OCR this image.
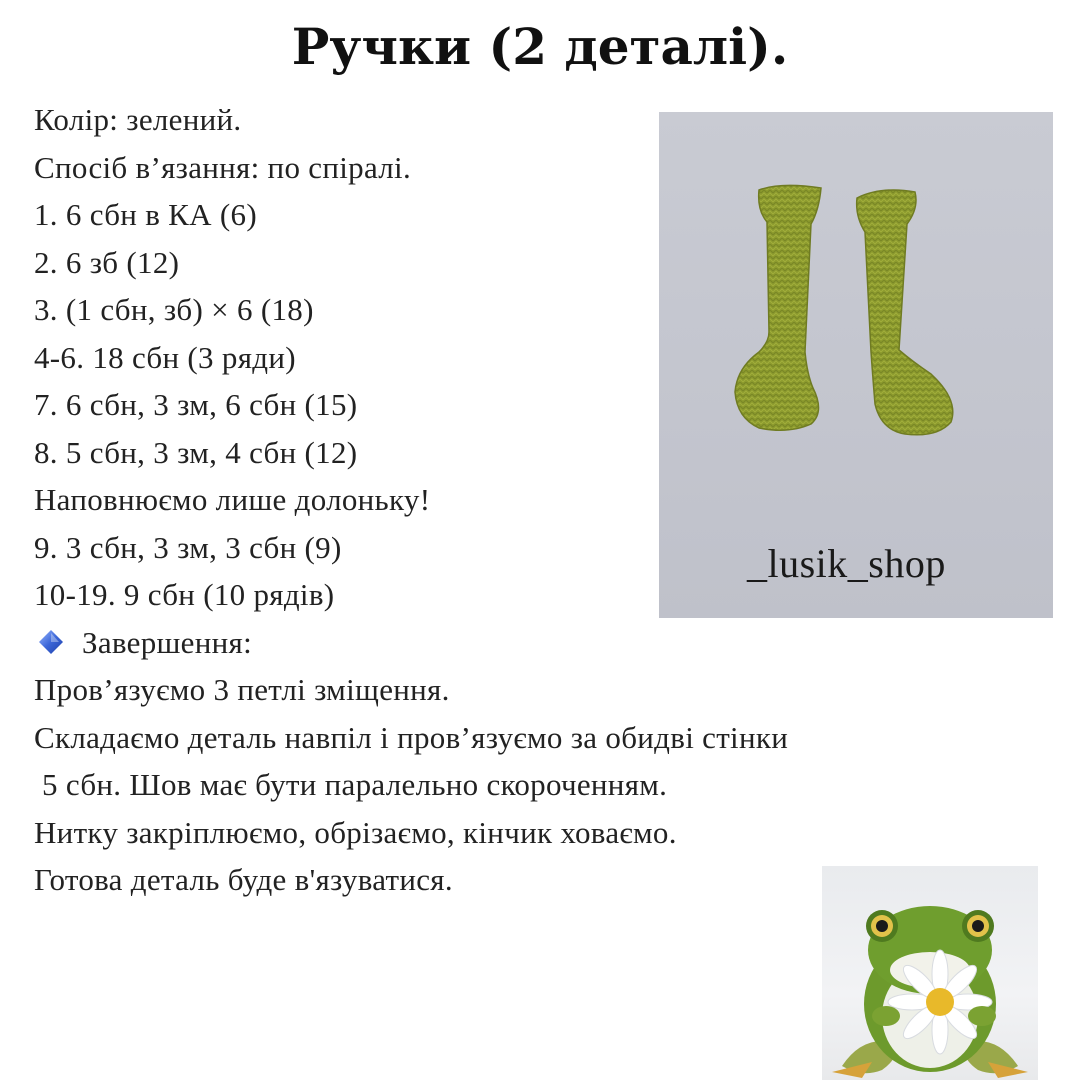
Ручки (2 деталі).
Колір: зелений.
Спосіб в’язання: по спіралі.
1. 6 сбн в КА (6)
2. 6 зб (12)
3. (1 сбн, зб) × 6 (18)
4-6. 18 сбн (3 ряди)
7. 6 сбн, 3 зм, 6 сбн (15)
8. 5 сбн, 3 зм, 4 сбн (12)
Наповнюємо лише долоньку!
9. 3 сбн, 3 зм, 3 сбн (9)
10-19. 9 сбн (10 рядів)
Завершення:
Пров’язуємо 3 петлі зміщення.
Складаємо деталь навпіл і пров’язуємо за обидві стінки
5 сбн. Шов має бути паралельно скороченням.
Нитку закріплюємо, обрізаємо, кінчик ховаємо.
Готова деталь буде в'язуватися.
_lusik_shop
